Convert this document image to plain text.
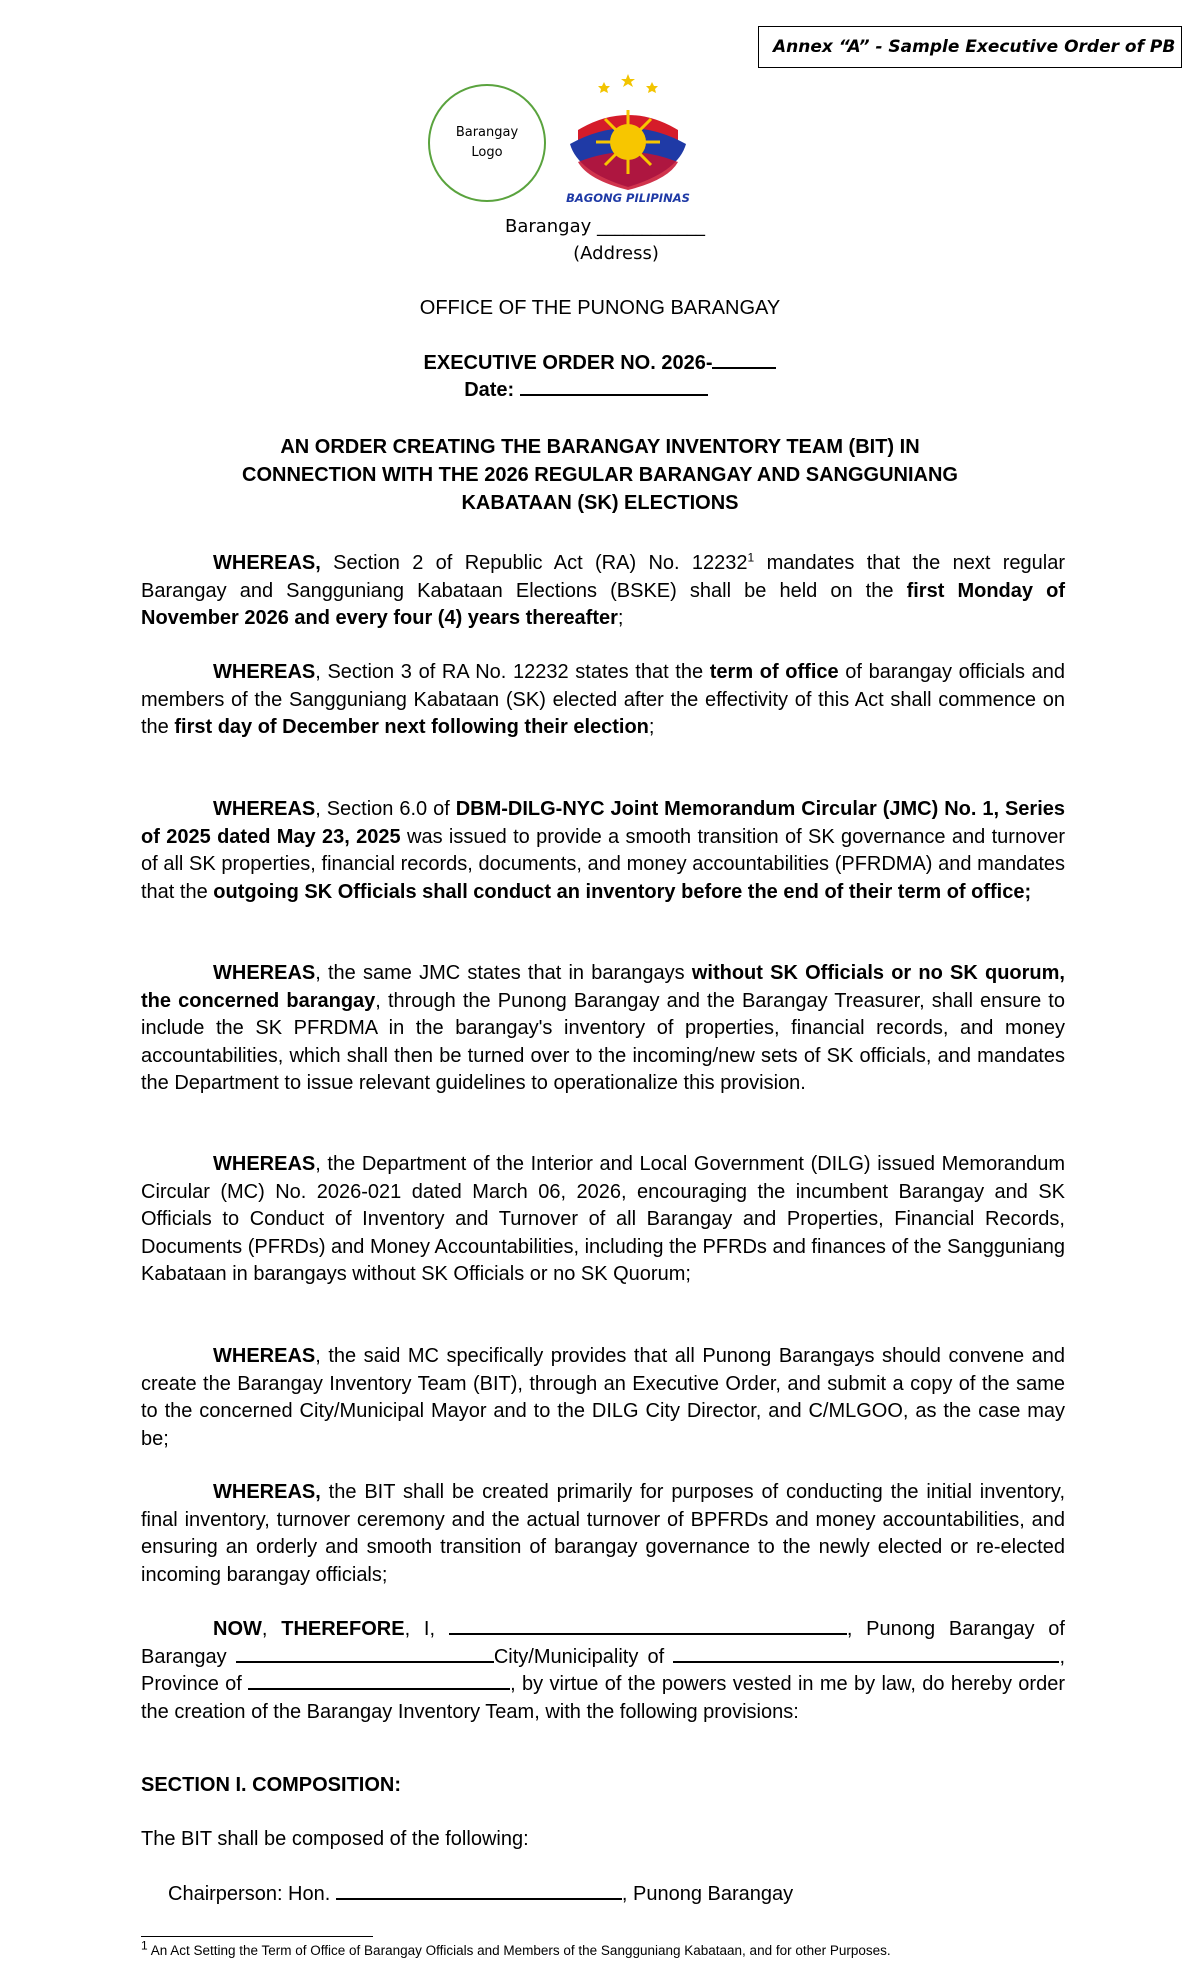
Annex “A” - Sample Executive Order of PB
Barangay
Logo
BAGONG PILIPINAS
Barangay ____________
(Address)
OFFICE OF THE PUNONG BARANGAY
EXECUTIVE ORDER NO. 2026-
Date:
AN ORDER CREATING THE BARANGAY INVENTORY TEAM (BIT) IN
CONNECTION WITH THE 2026 REGULAR BARANGAY AND SANGGUNIANG
KABATAAN (SK) ELECTIONS

WHEREAS, Section 2 of Republic Act (RA) No. 12232$^1$ mandates that the next regular Barangay and Sangguniang Kabataan Elections (BSKE) shall be held on the first Monday of November 2026 and every four (4) years thereafter;

WHEREAS, Section 3 of RA No. 12232 states that the term of office of barangay officials and members of the Sangguniang Kabataan (SK) elected after the effectivity of this Act shall commence on the first day of December next following their election;

WHEREAS, Section 6.0 of DBM-DILG-NYC Joint Memorandum Circular (JMC) No. 1, Series of 2025 dated May 23, 2025 was issued to provide a smooth transition of SK governance and turnover of all SK properties, financial records, documents, and money accountabilities (PFRDMA) and mandates that the outgoing SK Officials shall conduct an inventory before the end of their term of office;

WHEREAS, the same JMC states that in barangays without SK Officials or no SK quorum, the concerned barangay, through the Punong Barangay and the Barangay Treasurer, shall ensure to include the SK PFRDMA in the barangay's inventory of properties, financial records, and money accountabilities, which shall then be turned over to the incoming/new sets of SK officials, and mandates the Department to issue relevant guidelines to operationalize this provision.

WHEREAS, the Department of the Interior and Local Government (DILG) issued Memorandum Circular (MC) No. 2026-021 dated March 06, 2026, encouraging the incumbent Barangay and SK Officials to Conduct of Inventory and Turnover of all Barangay and Properties, Financial Records, Documents (PFRDs) and Money Accountabilities, including the PFRDs and finances of the Sangguniang Kabataan in barangays without SK Officials or no SK Quorum;

WHEREAS, the said MC specifically provides that all Punong Barangays should convene and create the Barangay Inventory Team (BIT), through an Executive Order, and submit a copy of the same to the concerned City/Municipal Mayor and to the DILG City Director, and C/MLGOO, as the case may be;

WHEREAS, the BIT shall be created primarily for purposes of conducting the initial inventory, final inventory, turnover ceremony and the actual turnover of BPFRDs and money accountabilities, and ensuring an orderly and smooth transition of barangay governance to the newly elected or re-elected incoming barangay officials;

NOW, THEREFORE, I,	, Punong Barangay of Barangay	City/Municipality of	, Province of	, by virtue of the powers vested in me by law, do hereby order the creation of the Barangay Inventory Team, with the following provisions:

SECTION I. COMPOSITION:

The BIT shall be composed of the following:

Chairperson: Hon.	, Punong Barangay

$^1$ An Act Setting the Term of Office of Barangay Officials and Members of the Sangguniang Kabataan, and for other Purposes.
